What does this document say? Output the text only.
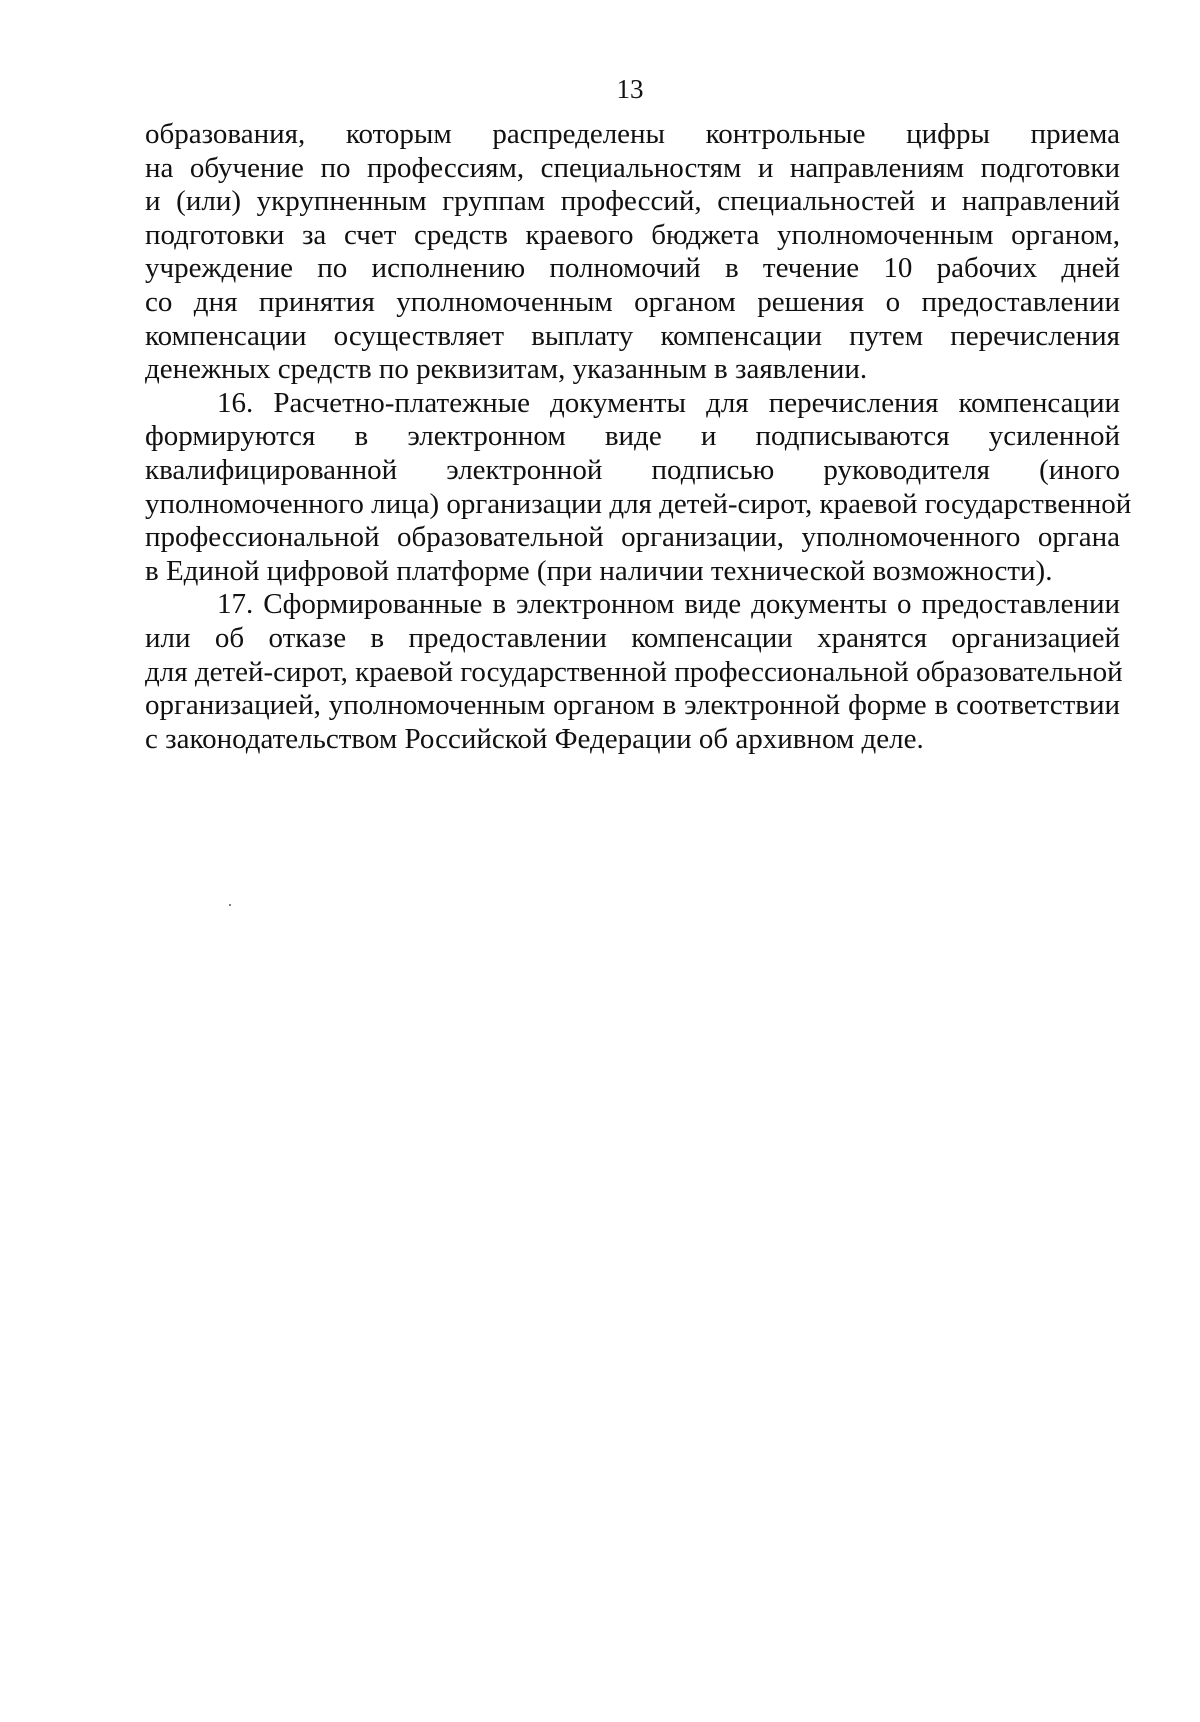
13
образования, которым распределены контрольные цифры приема
на обучение по профессиям, специальностям и направлениям подготовки
и (или) укрупненным группам профессий, специальностей и направлений
подготовки за счет средств краевого бюджета уполномоченным органом,
учреждение по исполнению полномочий в течение 10 рабочих дней
со дня принятия уполномоченным органом решения о предоставлении
компенсации осуществляет выплату компенсации путем перечисления
денежных средств по реквизитам, указанным в заявлении.
16. Расчетно-платежные документы для перечисления компенсации
формируются в электронном виде и подписываются усиленной
квалифицированной электронной подписью руководителя (иного
уполномоченного лица) организации для детей-сирот, краевой государственной
профессиональной образовательной организации, уполномоченного органа
в Единой цифровой платформе (при наличии технической возможности).
17. Сформированные в электронном виде документы о предоставлении
или об отказе в предоставлении компенсации хранятся организацией
для детей-сирот, краевой государственной профессиональной образовательной
организацией, уполномоченным органом в электронной форме в соответствии
с законодательством Российской Федерации об архивном деле.
